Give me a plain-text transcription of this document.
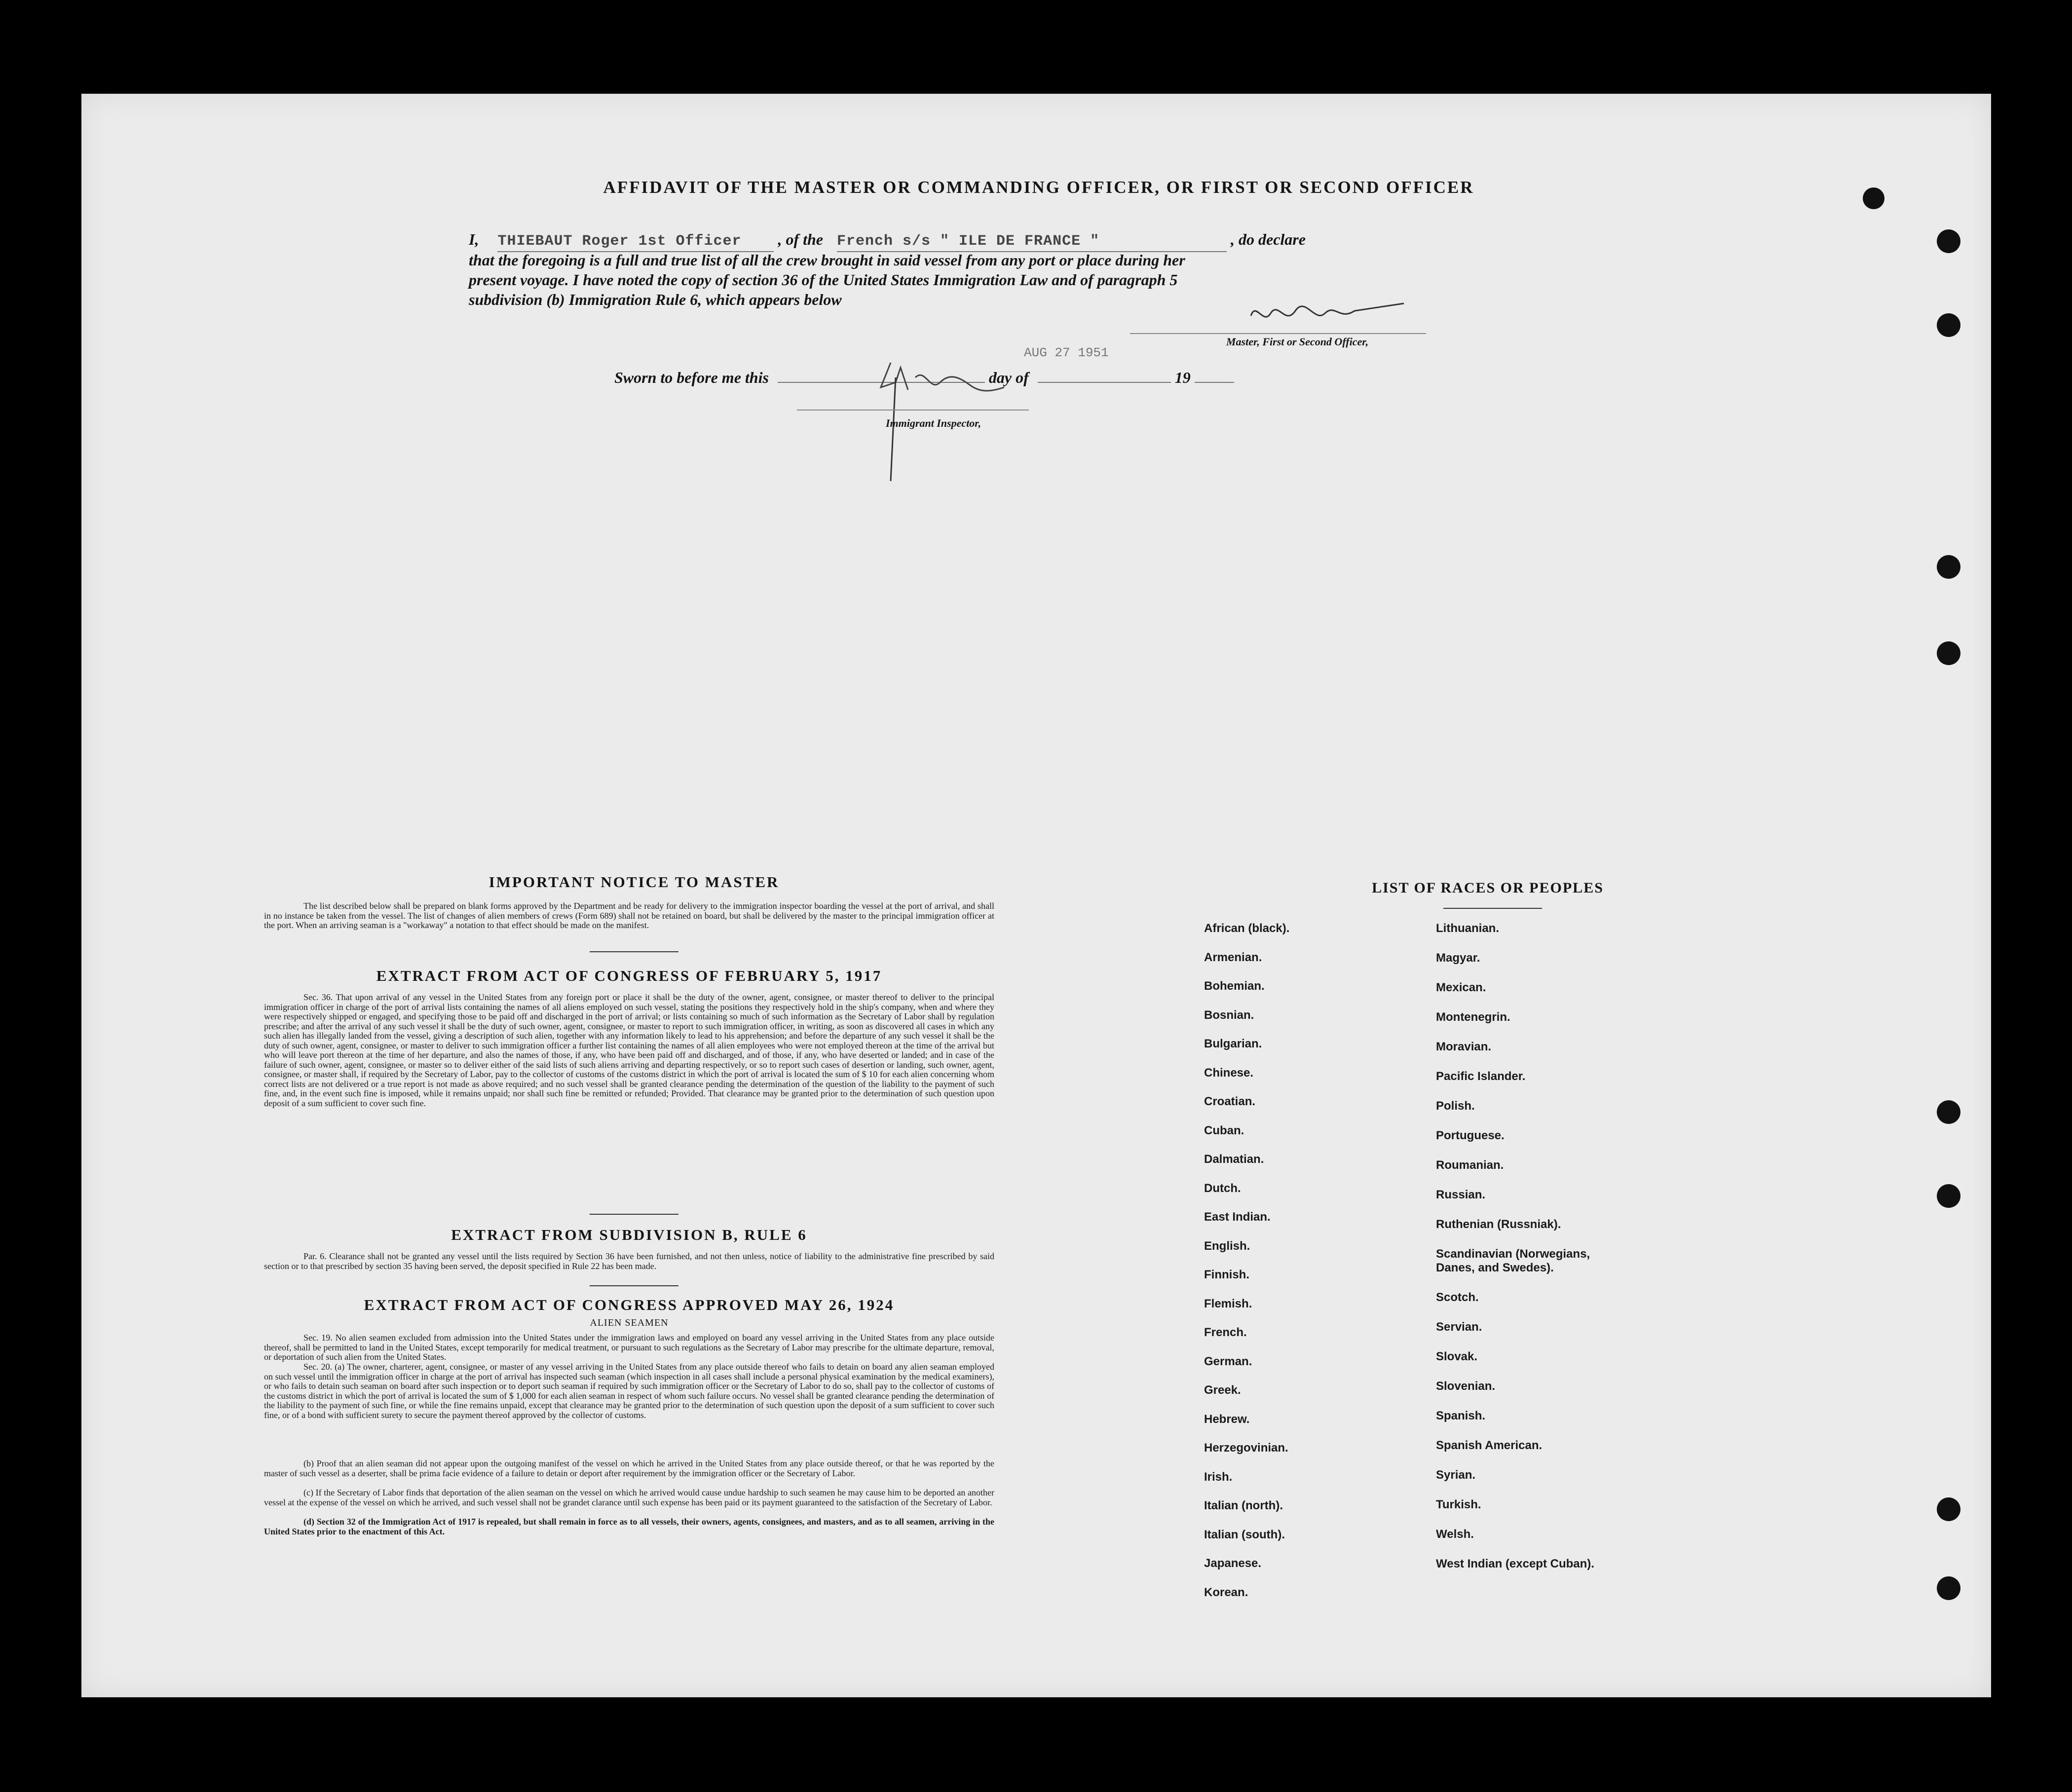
AFFIDAVIT OF THE MASTER OR COMMANDING OFFICER, OR FIRST OR SECOND OFFICER
I, THIEBAUT Roger 1st Officer , of the French s/s " ILE DE FRANCE "	, do declare
that the foregoing is a full and true list of all the crew brought in said vessel from any port or place during her
present voyage. I have noted the copy of section 36 of the United States Immigration Law and of paragraph 5
subdivision (b) Immigration Rule 6, which appears below
Master, First or Second Officer,
AUG 27 1951
Sworn to before me this	day of	19
Immigrant Inspector,
IMPORTANT NOTICE TO MASTER
The list described below shall be prepared on blank forms approved by the Department and be ready for delivery to the immigration inspector boarding the vessel at the port of arrival, and shall in no instance be taken from the vessel. The list of changes of alien members of crews (Form 689) shall not be retained on board, but shall be delivered by the master to the principal immigration officer at the port. When an arriving seaman is a "workaway" a notation to that effect should be made on the manifest.
EXTRACT FROM ACT OF CONGRESS OF FEBRUARY 5, 1917
Sec. 36. That upon arrival of any vessel in the United States from any foreign port or place it shall be the duty of the owner, agent, consignee, or master thereof to deliver to the principal immigration officer in charge of the port of arrival lists containing the names of all aliens employed on such vessel, stating the positions they respectively hold in the ship's company, when and where they were respectively shipped or engaged, and specifying those to be paid off and discharged in the port of arrival; or lists containing so much of such information as the Secretary of Labor shall by regulation prescribe; and after the arrival of any such vessel it shall be the duty of such owner, agent, consignee, or master to report to such immigration officer, in writing, as soon as discovered all cases in which any such alien has illegally landed from the vessel, giving a description of such alien, together with any information likely to lead to his apprehension; and before the departure of any such vessel it shall be the duty of such owner, agent, consignee, or master to deliver to such immigration officer a further list containing the names of all alien employees who were not employed thereon at the time of the arrival but who will leave port thereon at the time of her departure, and also the names of those, if any, who have been paid off and discharged, and of those, if any, who have deserted or landed; and in case of the failure of such owner, agent, consignee, or master so to deliver either of the said lists of such aliens arriving and departing respectively, or so to report such cases of desertion or landing, such owner, agent, consignee, or master shall, if required by the Secretary of Labor, pay to the collector of customs of the customs district in which the port of arrival is located the sum of $ 10 for each alien concerning whom correct lists are not delivered or a true report is not made as above required; and no such vessel shall be granted clearance pending the determination of the question of the liability to the payment of such fine, and, in the event such fine is imposed, while it remains unpaid; nor shall such fine be remitted or refunded; Provided. That clearance may be granted prior to the determination of such question upon deposit of a sum sufficient to cover such fine.
EXTRACT FROM SUBDIVISION B, RULE 6
Par. 6. Clearance shall not be granted any vessel until the lists required by Section 36 have been furnished, and not then unless, notice of liability to the administrative fine prescribed by said section or to that prescribed by section 35 having been served, the deposit specified in Rule 22 has been made.
EXTRACT FROM ACT OF CONGRESS APPROVED MAY 26, 1924
ALIEN SEAMEN
Sec. 19. No alien seamen excluded from admission into the United States under the immigration laws and employed on board any vessel arriving in the United States from any place outside thereof, shall be permitted to land in the United States, except temporarily for medical treatment, or pursuant to such regulations as the Secretary of Labor may prescribe for the ultimate departure, removal, or deportation of such alien from the United States.
Sec. 20. (a) The owner, charterer, agent, consignee, or master of any vessel arriving in the United States from any place outside thereof who fails to detain on board any alien seaman employed on such vessel until the immigration officer in charge at the port of arrival has inspected such seaman (which inspection in all cases shall include a personal physical examination by the medical examiners), or who fails to detain such seaman on board after such inspection or to deport such seaman if required by such immigration officer or the Secretary of Labor to do so, shall pay to the collector of customs of the customs district in which the port of arrival is located the sum of $ 1,000 for each alien seaman in respect of whom such failure occurs. No vessel shall be granted clearance pending the determination of the liability to the payment of such fine, or while the fine remains unpaid, except that clearance may be granted prior to the determination of such question upon the deposit of a sum sufficient to cover such fine, or of a bond with sufficient surety to secure the payment thereof approved by the collector of customs.
(b) Proof that an alien seaman did not appear upon the outgoing manifest of the vessel on which he arrived in the United States from any place outside thereof, or that he was reported by the master of such vessel as a deserter, shall be prima facie evidence of a failure to detain or deport after requirement by the immigration officer or the Secretary of Labor.
(c) If the Secretary of Labor finds that deportation of the alien seaman on the vessel on which he arrived would cause undue hardship to such seamen he may cause him to be deported an another vessel at the expense of the vessel on which he arrived, and such vessel shall not be grandet clarance until such expense has been paid or its payment guaranteed to the satisfaction of the Secretary of Labor.
(d) Section 32 of the Immigration Act of 1917 is repealed, but shall remain in force as to all vessels, their owners, agents, consignees, and masters, and as to all seamen, arriving in the United States prior to the enactment of this Act.
LIST OF RACES OR PEOPLES
African (black).
Armenian.
Bohemian.
Bosnian.
Bulgarian.
Chinese.
Croatian.
Cuban.
Dalmatian.
Dutch.
East Indian.
English.
Finnish.
Flemish.
French.
German.
Greek.
Hebrew.
Herzegovinian.
Irish.
Italian (north).
Italian (south).
Japanese.
Korean.
Lithuanian.
Magyar.
Mexican.
Montenegrin.
Moravian.
Pacific Islander.
Polish.
Portuguese.
Roumanian.
Russian.
Ruthenian (Russniak).
Scandinavian (Norwegians, Danes, and Swedes).
Scotch.
Servian.
Slovak.
Slovenian.
Spanish.
Spanish American.
Syrian.
Turkish.
Welsh.
West Indian (except Cuban).
